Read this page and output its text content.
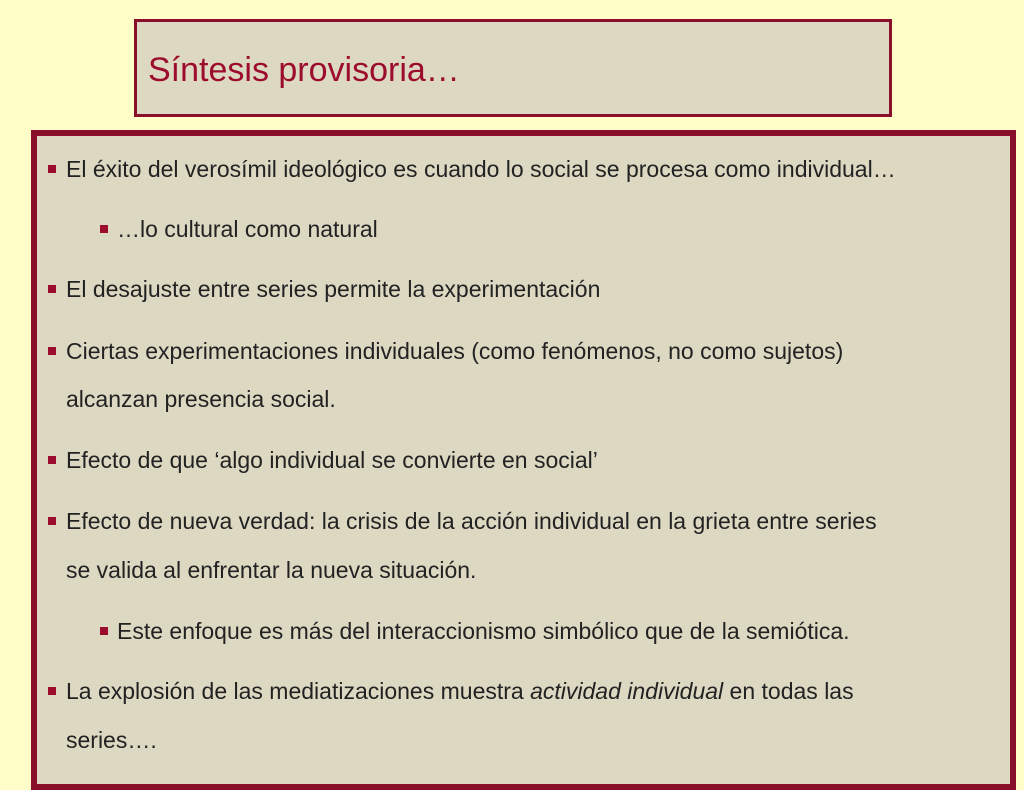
Síntesis provisoria…
El éxito del verosímil ideológico es cuando lo social se procesa como individual…
…lo cultural como natural
El desajuste entre series permite la experimentación
Ciertas experimentaciones individuales (como fenómenos, no como sujetos)
alcanzan presencia social.
Efecto de que ‘algo individual se convierte en social’
Efecto de nueva verdad: la crisis de la acción individual en la grieta entre series
se valida al enfrentar la nueva situación.
Este enfoque es más del interaccionismo simbólico que de la semiótica.
La explosión de las mediatizaciones muestra actividad individual en todas las
series….
